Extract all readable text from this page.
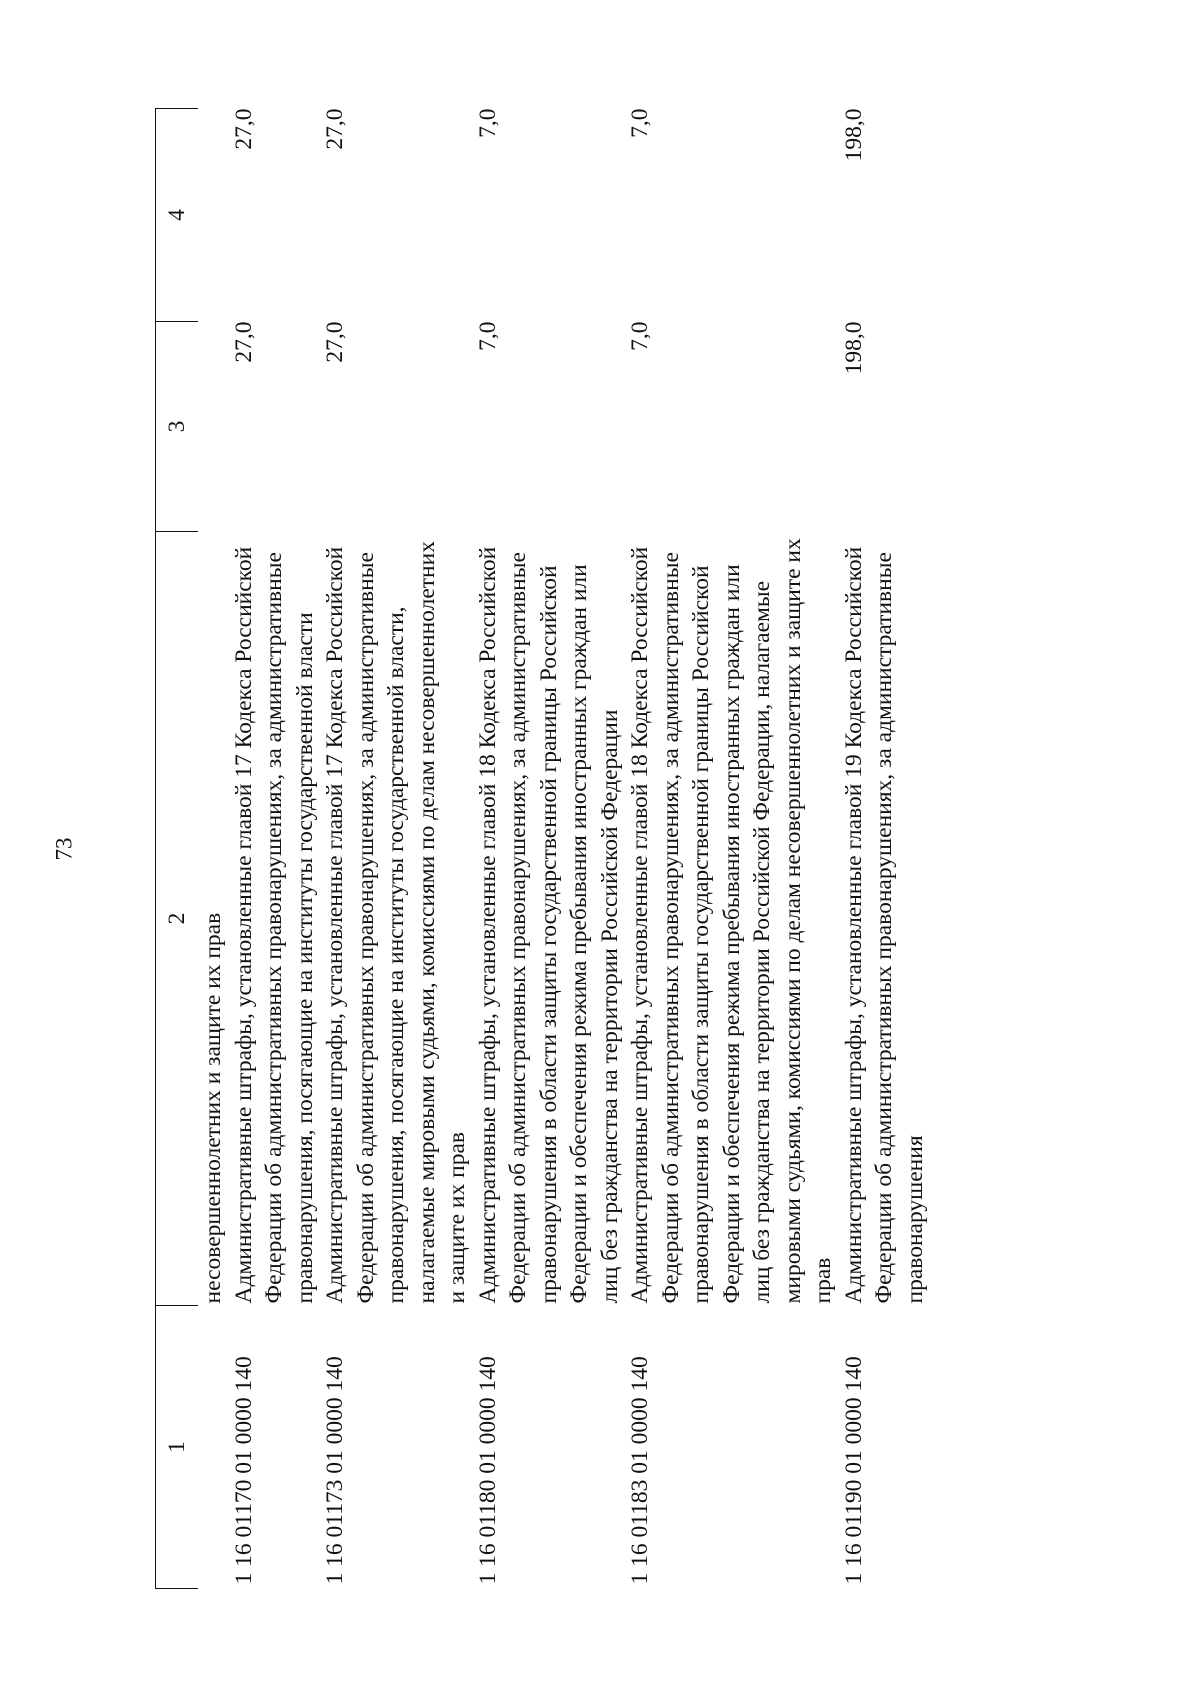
73
1	2	3	4
	несовершеннолетних и защите их прав		
1 16 01170 01 0000 140	Административные штрафы, установленные главой 17 Кодекса Российской Федерации об административных правонарушениях, за административные правонарушения, посягающие на институты государственной власти	27,0	27,0
1 16 01173 01 0000 140	Административные штрафы, установленные главой 17 Кодекса Российской Федерации об административных правонарушениях, за административные правонарушения, посягающие на институты государственной власти, налагаемые мировыми судьями, комиссиями по делам несовершеннолетних и защите их прав	27,0	27,0
1 16 01180 01 0000 140	Административные штрафы, установленные главой 18 Кодекса Российской Федерации об административных правонарушениях, за административные правонарушения в области защиты государственной границы Российской Федерации и обеспечения режима пребывания иностранных граждан или лиц без гражданства на территории Российской Федерации	7,0	7,0
1 16 01183 01 0000 140	Административные штрафы, установленные главой 18 Кодекса Российской Федерации об административных правонарушениях, за административные правонарушения в области защиты государственной границы Российской Федерации и обеспечения режима пребывания иностранных граждан или лиц без гражданства на территории Российской Федерации, налагаемые мировыми судьями, комиссиями по делам несовершеннолетних и защите их прав	7,0	7,0
1 16 01190 01 0000 140	Административные штрафы, установленные главой 19 Кодекса Российской Федерации об административных правонарушениях, за административные правонарушения	198,0	198,0
